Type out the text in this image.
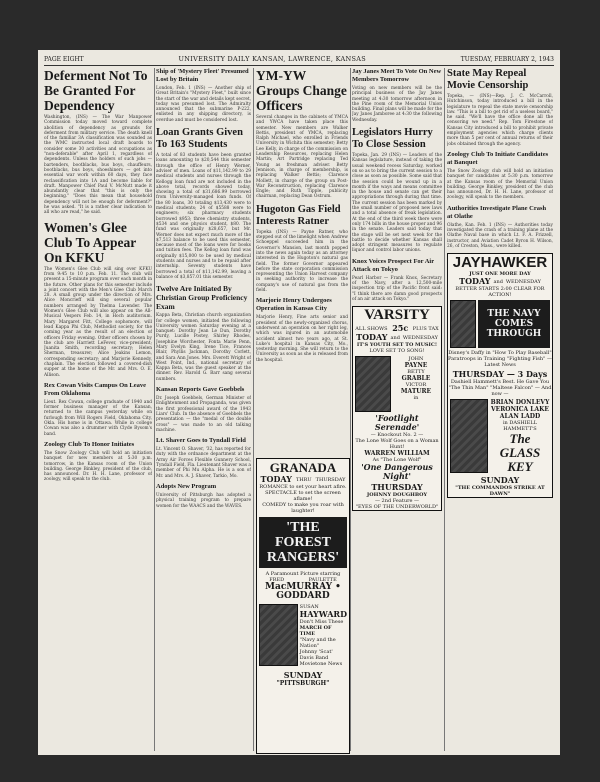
PAGE EIGHT	UNIVERSITY DAILY KANSAN, LAWRENCE, KANSAS	TUESDAY, FEBRUARY 2, 1943
Deferment Not To Be Granted For Dependency

Washington, (INS) — The War Manpower Commission today moved toward complete abolition of dependency as grounds for deferment from military service. The death knell of the familiar 3A classification was sounded as the WMC instructed local draft boards to consider some 30 activities and occupations as "non-deferable" after April 1, regardless of dependents. Unless the holders of such jobs — bartenders, bootblacks, bus boys, chauffeurs, bootblacks, bus boys, shoeshiners — get into essential war work within 60 days, they face reclassification into 1A and become liable for draft. Manpower Chief Paul V. McNutt made it abundantly clear that "this is only the beginning." "Does this mean that household dependency will not be enough for deferment?" he was asked. "It is a rather clear indication to all who are read," he said.

Women's Glee Club To Appear On KFKU

The Women's Glee Club will sing over KFKU from 9:45 to 10 p.m. Feb. 11. The club will present a 15-minute program over each month in the future. Other plans for this semester include a joint concert with the Men's Glee Club March 28. A small group under the direction of Mrs. Alice Moncrieff will sing several popular numbers arranged by Thelma Lavender. The Women's Glee Club will also appear on the All-Musical Vespers Feb. 14, in Hoch auditorium. Mary Margaret Fitt, College sophomore, will lead Kappa Phi Club, Methodist society, for the coming year as the result of an election of officers Friday evening. Other officers chosen by the club are Harriett LeFever, vice-president; Juanita Smith, recording secretary; Helen Sherman, treasurer; Alice Jeakins Lemon, corresponding secretary; and Marjorie Kennedy, chaplain. The election followed a covered-dish supper at the home of the Mr. and Mrs. O. E. Allison.

Rex Cowan Visits Campus On Leave From Oklahoma

Lieut. Rex Cowan, college graduate of 1940 and former business manager of the Kansan, returned to the campus yesterday while on furlough from Will Rogers Field, Oklahoma City, Okla. His home is in Ottawa. While in college Cowan was also a drummer with Clyde Bysom's band.

Zoology Club To Honor Initiates

The Snow Zoology Club will hold an initiation banquet for new members at 5:30 p.m. tomorrow, in the Kansas room of the Union building. George Binkley, president of the club, has announced. Dr. H. H. Lane, professor of zoology, will speak to the club.

Ship of 'Mystery Fleet' Presumed Lost by Britain

London, Feb. 1 (INS) — Another ship of Great Britain's "Mystery Fleet," built since the start of the war and details kept secret, today was presumed lost. The Admiralty announced that the submarine P-222, enlisted in any shipping directory, is overdue and must be considered lost.

Loan Grants Given To 163 Students

A total of 83 students have been granted loans amounting to $20,544 this semester through the office of Henry Werner, adviser of men. Loans of $11,142.99 to 29 medical students and nurses through the Kellogg loan fund are not included in the above total, records showed today, showing a total of $31,686.99 borrowed from University-managed loan funds. Of the 80 loans, 30 totaling $13,430 were to medical students; 24 of $5588 were to engineers; six pharmacy students borrowed $953; three chemistry students, $534 and one physics student, $80. The fund was originally $28,657, but Mr. Werner does not expect much more of the $7,513 balance to be used this semester, because most of the loans were for books and tuition fees. The Kellog loan fund was originally $15,000 to be used by medical students and nurses and to be repaid after internship. Seventy students have borrowed a total of $11,142.99, leaving a balance of $3,857.01 this semester.

Twelve Are Initiated By Christian Group Proficiency Exam

Kappa Beta, Christian church organization for college women, initiated the following University women Saturday evening at a banquet: Dorothy Jean Le Dun, Dorothy Purdy, Lucille Postey, Shirley Rhodes, Josephine Worchester, Fonta Marie Penn, Mary Evelyn King, Irene Tice, Frances Blair, Phyllis Jackman, Dorothy Corlett, and Sara Ann Jones. Mrs. Everett Wright of West Point, Ind., national secretary of Kappa Beta, was the guest speaker at the dinner. Rev. Harold G. Barr sang several numbers.

Kansan Reports Gave Goebbels

Dr. Joseph Goebbels, German Minister of Enlightenment and Propaganda, was given the first professional award of the 1943 Liars' Club. In the absence of Goebbels the presentation — the "medal of the double cross" — was made to an old talking machine.

Lt. Shaver Goes to Tyndall Field

Lt. Vincent O. Shaver, '32, has reported for duty with the ordnance department at the Army Air Forces Flexible Gunnery School, Tyndall Field, Fla. Lieutenant Shaver was a member of Phi Mu Alpha. He is a son of Mr. and Mrs. A. J. Shaver, Tarkio, Mo.

Adopts New Program

University of Pittsburgh has adopted a physical training program to prepare women for the WAACS and the WAVES.

YM-YW Groups Change Officers

Several changes in the cabinets of YMCA and YWCA have taken place this semester. New members are Walker Bettis, president of YMCA, replacing Ralph Michael, who enrolled in Friends University in Wichita this semester; Betty Lee Kelly, in charge of the commission on Leadership Resources, replacing Helen Martin; Art Partridge replacing Ted Young as freshman adviser. Betty Jennison, in charge of membership, is replacing Walker Bettis; Clarence Mollett, in charge of the group on Post-War Reconstruction, replacing Clarence Engle; and Ruth Tipple, publicity chairman, replacing Dean Ostrum.

Hugoton Gas Field Interests Ratner

Topeka (INS) — Payne Ratner, who stepped out of the limelight when Andrew Schoeppel succeeded him in the Governor's Mansion, last month popped into the news again today as an attorney interested in the Hugoton's natural gas field. The former Governor appeared before the state corporation commission representing the Union Harvest company in seeking authority to increase the company's use of natural gas from the field.

Marjorie Henry Undergoes Operation in Kansas City

Marjorie Henry, Fine arts senior and president of the newly-organized chorus, underwent an operation on her right leg, which was injured in an automobile accident almost two years ago, at St. Luke's hospital in Kansas City, Mo., yesterday morning. She will return to the University as soon as she is released from the hospital.

GRANADA
TODAY THRU THURSDAY
ROMANCE to set your heart afire.
SPECTACLE to set the screen aflame!
COMEDY to make you roar with laughter!
'THE FOREST RANGERS'
A Paramount Picture starring
FRED	PAULETTE
MacMURRAY • GODDARD
SUSAN
HAYWARD
Don't Miss These
MARCH OF TIME
"Navy and the Nation"
Johnny 'Scat' Davis Band
Movietone News
SUNDAY
"PITTSBURGH"
Jay Janes Meet To Vote On New Members Tomorrow

Voting on new members will be the principal business of the Jay Janes meeting at 4:30 tomorrow afternoon in the Pine room of the Memorial Union building. Final plans will be made for the Jay Janes Jamboree at 4:30 the following Wednesday.

Legislators Hurry To Close Session

Topeka, Jan. 29 (INS) — Leaders of the Kansas legislature, instead of taking the usual weekend recess Saturday, worked on so as to bring the current session to a close as soon as possible. Some said that the session could be wound up in a month if the ways and means committee in the house and senate can get their appropriations through during that time. The current session has been marked by the small number of proposed new laws and a total absence of freak legislation. At the end of the third week there were only 174 bills in the house proper and 96 in the senate. Leaders said today that the stage will be set next week for the battle to decide whether Kansas shall adopt stringent measures to regulate liquor and control labor unions.

Knox Voices Prospect For Air Attack on Tokyo

Pearl Harbor — Frank Knox, Secretary of the Navy, after a 12,500-mile inspection trip of the Pacific front said: "I think there are damn good prospects of an air attack on Tokyo."

VARSITY
ALL SHOWS 25c PLUS TAX
TODAY and WEDNESDAY
IT'S YOUTH SET TO MUSIC!
LOVE SET TO SONG!
JOHN
PAYNE
BETTY
GRABLE
VICTOR
MATURE
in
'Footlight Serenade'
— Knockout No. 2 —
The Lone Wolf Goes on a Woman Hunt!
WARREN WILLIAM
As "The Lone Wolf"
'One Dangerous Night'
THURSDAY
JOHNNY DOUGHBOY
— 2nd Feature —
"EYES OF THE UNDERWORLD"
State May Repeal Movie Censorship

Topeka, — (INS)—Rep. J. C. McCarroll, Hutchinson, today introduced a bill in the legislature to repeal the state movie censorship law. "This is a bill to get rid of a useless board," he said. "We'll have the office done all the censoring we need." Rep. Tom Firestone of Kansas City introduced a bill to prohibit private employment agencies which charge clients more than 5 per cent of annual returns of their jobs obtained through the agency.

Zoology Club To Initiate Candidates at Banquet

The Snow Zoology club will hold an initiation banquet for candidates at 5:30 p.m. tomorrow at the Kansas room of the Memorial Union building. George Binkley, president of the club has announced, Dr. H. H. Lane, professor of zoology, will speak to the members.

Authorities Investigate Plane Crash at Olathe

Olathe, Kan. Feb. 1 (INS) — Authorities today investigated the crash of a training plane at the Olathe Naval base in which Lt. F. A. Frizzell, instructor, and Aviation Cadet Byron H. Wilson, 26, of Creston, Mass., were killed.

JAYHAWKER
JUST ONE MORE DAY
TODAY and WEDNESDAY
BETTER STARTS 2:00 CLEAR FOR ACTION!
THE NAVY COMES THROUGH
Disney's Daffy in "How To Play Baseball" Paratroops in Training "Fighting Fish" — Latest News
THURSDAY — 3 Days
Dashiell Hammett's Best. He Gave You "The Thin Man" "Maltese Falcon" — And now —
BRIAN DONLEVY
VERONICA LAKE
ALAN LADD
in DASHIELL HAMMETT'S
The GLASS KEY
SUNDAY
"THE COMMANDOS STRIKE AT DAWN"
